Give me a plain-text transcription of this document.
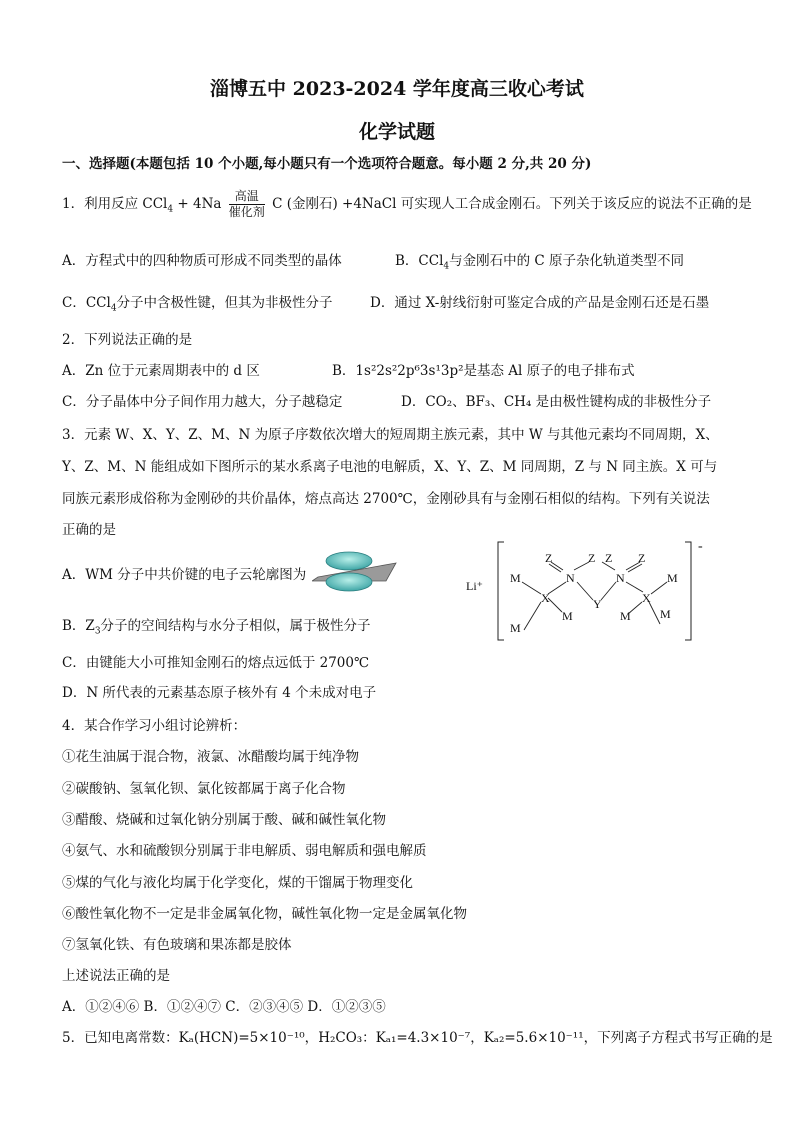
淄博五中 2023-2024 学年度高三收心考试
化学试题
一、选择题(本题包括 10 个小题,每小题只有一个选项符合题意。每小题 2 分,共 20 分)
1．利用反应 $CCl_4 + 4Na \frac{\text{高温}}{\text{催化剂}}$ C (金刚石) +4NaCl 可实现人工合成金刚石。下列关于该反应的说法不正确的是
A．方程式中的四种物质可形成不同类型的晶体	B．CCl$_4$与金刚石中的 C 原子杂化轨道类型不同
C．CCl$_4$分子中含极性键，但其为非极性分子	D．通过 X-射线衍射可鉴定合成的产品是金刚石还是石墨
2．下列说法正确的是
A．Zn 位于元素周期表中的 d 区	B．1s²2s²2p⁶3s¹3p²是基态 Al 原子的电子排布式
C．分子晶体中分子间作用力越大，分子越稳定	D．CO₂、BF₃、CH₄ 是由极性键构成的非极性分子
3．元素 W、X、Y、Z、M、N 为原子序数依次增大的短周期主族元素，其中 W 与其他元素均不同周期，X、
Y、Z、M、N 能组成如下图所示的某水系离子电池的电解质，X、Y、Z、M 同周期，Z 与 N 同主族。X 可与
同族元素形成俗称为金刚砂的共价晶体，熔点高达 2700℃，金刚砂具有与金刚石相似的结构。下列有关说法
正确的是
A．WM 分子中共价键的电子云轮廓图为
B．$Z_3$分子的空间结构与水分子相似，属于极性分子
C．由键能大小可推知金刚石的熔点远低于 2700℃
D．N 所代表的元素基态原子核外有 4 个未成对电子
Li⁺
-
M
M
X
M
N
Z	Z
Y
N
Z Z
X
M
M
M
4．某合作学习小组讨论辨析：
①花生油属于混合物，液氯、冰醋酸均属于纯净物
②碳酸钠、氢氧化钡、氯化铵都属于离子化合物
③醋酸、烧碱和过氧化钠分别属于酸、碱和碱性氧化物
④氨气、水和硫酸钡分别属于非电解质、弱电解质和强电解质
⑤煤的气化与液化均属于化学变化，煤的干馏属于物理变化
⑥酸性氧化物不一定是非金属氧化物，碱性氧化物一定是金属氧化物
⑦氢氧化铁、有色玻璃和果冻都是胶体
上述说法正确的是
A．①②④⑥ B．①②④⑦ C．②③④⑤ D．①②③⑤
5．已知电离常数：Kₐ(HCN)=5×10⁻¹⁰，H₂CO₃：Kₐ₁=4.3×10⁻⁷，Kₐ₂=5.6×10⁻¹¹，下列离子方程式书写正确的是
